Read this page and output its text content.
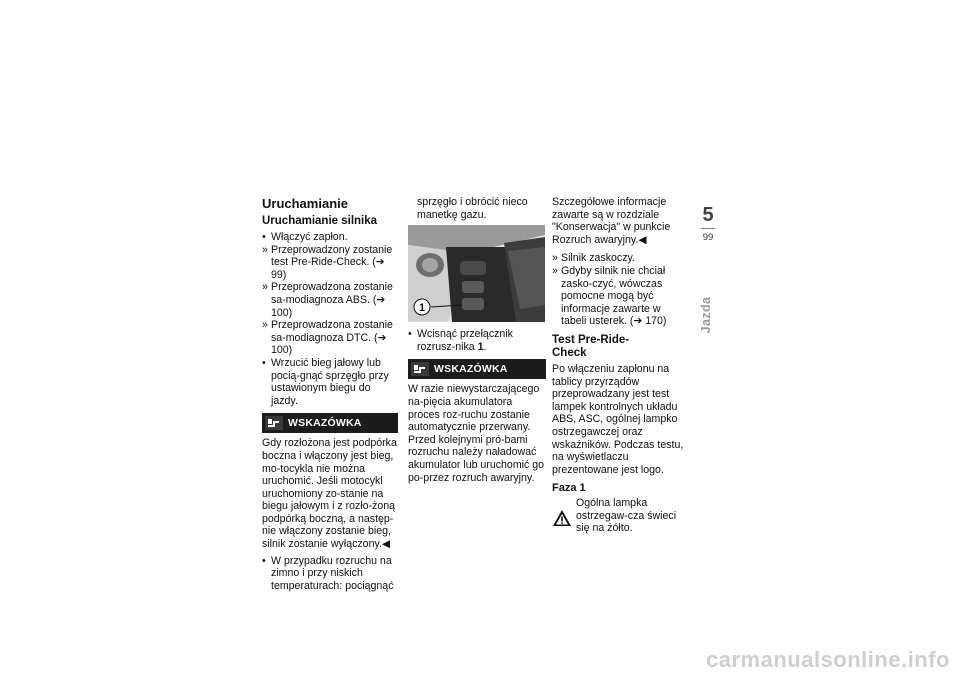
Uruchamianie
Uruchamianie silnika
• Włączyć zapłon.
» Przeprowadzony zostanie test Pre-Ride-Check. (➔ 99)
» Przeprowadzona zostanie sa-modiagnoza ABS. (➔ 100)
» Przeprowadzona zostanie sa-modiagnoza DTC. (➔ 100)
• Wrzucić bieg jałowy lub pocią-gnąć sprzęgło przy ustawionym biegu do jazdy.
WSKAZÓWKA

Gdy rozłożona jest podpórka boczna i włączony jest bieg, mo-tocykla nie można uruchomić. Jeśli motocykl uruchomiony zo-stanie na biegu jałowym i z rozło-żoną podpórką boczną, a następ-nie włączony zostanie bieg, silnik zostanie wyłączony.◀

• W przypadku rozruchu na zimno i przy niskich temperaturach: pociągnąć

sprzęgło i obrócić nieco manetkę gazu.

1
• Wcisnąć przełącznik rozrusz-nika 1.
WSKAZÓWKA

W razie niewystarczającego na-pięcia akumulatora proces roz-ruchu zostanie automatycznie przerwany. Przed kolejnymi pró-bami rozruchu należy naładować akumulator lub uruchomić go po-przez rozruch awaryjny.

Szczegółowe informacje zawarte są w rozdziale "Konserwacja" w punkcie Rozruch awaryjny.◀

» Silnik zaskoczy.
» Gdyby silnik nie chciał zasko-czyć, wówczas pomocne mogą być informacje zawarte w tabeli usterek. (➔ 170)
Test Pre-Ride-Check

Po włączeniu zapłonu na tablicy przyrządów przeprowadzany jest test lampek kontrolnych układu ABS, ASC, ogólnej lampko ostrzegawczej oraz wskaźników. Podczas testu, na wyświetlaczu prezentowane jest logo.

Faza 1

Ogólna lampka ostrzegaw-cza świeci się na żółto.

5
99
Jazda
carmanualsonline.info
